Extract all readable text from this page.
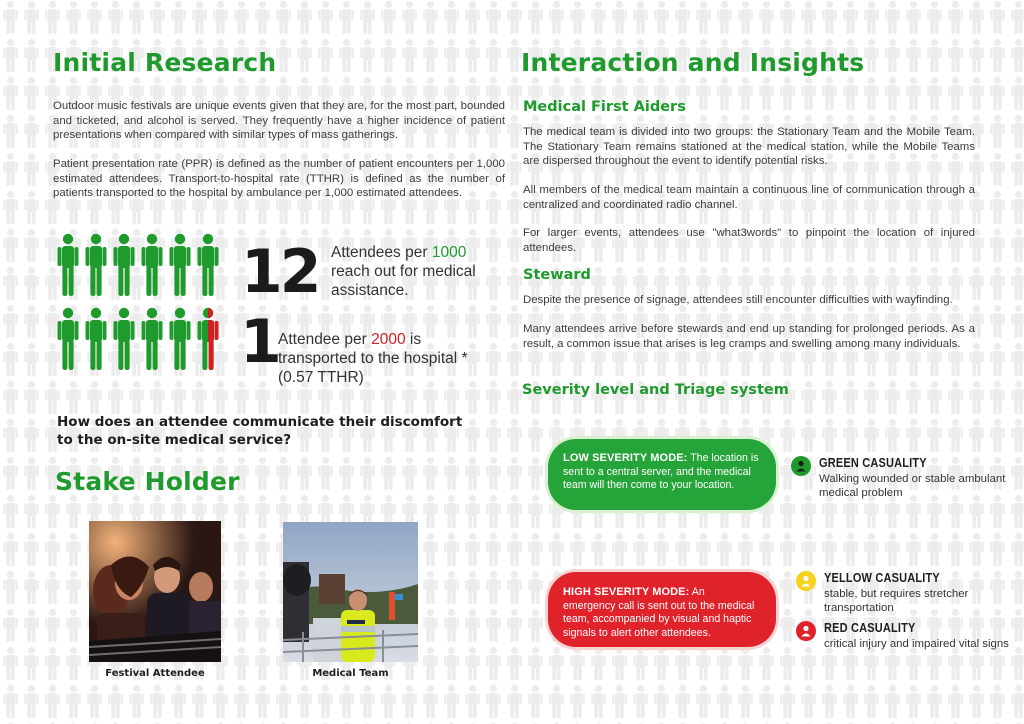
Initial Research

Outdoor music festivals are unique events given that they are, for the most part, bounded and ticketed, and alcohol is served. They frequently have a higher incidence of patient presentations when compared with similar types of mass gatherings.

Patient presentation rate (PPR) is defined as the number of patient encounters per 1,000 estimated attendees. Transport-to-hospital rate (TTHR) is defined as the number of patients transported to the hospital by ambulance per 1,000 estimated attendees.

12 Attendees per 1000 reach out for medical assistance.
1 Attendee per 2000 is transported to the hospital *(0.57 TTHR)

How does an attendee communicate their discomfort to the on-site medical service?

Stake Holder
Festival Attendee	Medical Team
Interaction and Insights
Medical First Aiders

The medical team is divided into two groups: the Stationary Team and the Mobile Team. The Stationary Team remains stationed at the medical station, while the Mobile Teams are dispersed throughout the event to identify potential risks.

All members of the medical team maintain a continuous line of communication through a centralized and coordinated radio channel.

For larger events, attendees use "what3words" to pinpoint the location of injured attendees.

Steward

Despite the presence of signage, attendees still encounter difficulties with wayfinding.

Many attendees arrive before stewards and end up standing for prolonged periods. As a result, a common issue that arises is leg cramps and swelling among many individuals.

Severity level and Triage system
LOW SEVERITY MODE: The location is sent to a central server, and the medical team will then come to your location.
GREEN CASUALITY
Walking wounded or stable ambulant medical problem
HIGH SEVERITY MODE: An emergency call is sent out to the medical team, accompanied by visual and haptic signals to alert other attendees.
YELLOW CASUALITY
stable, but requires stretcher transportation
RED CASUALITY
critical injury and impaired vital signs
